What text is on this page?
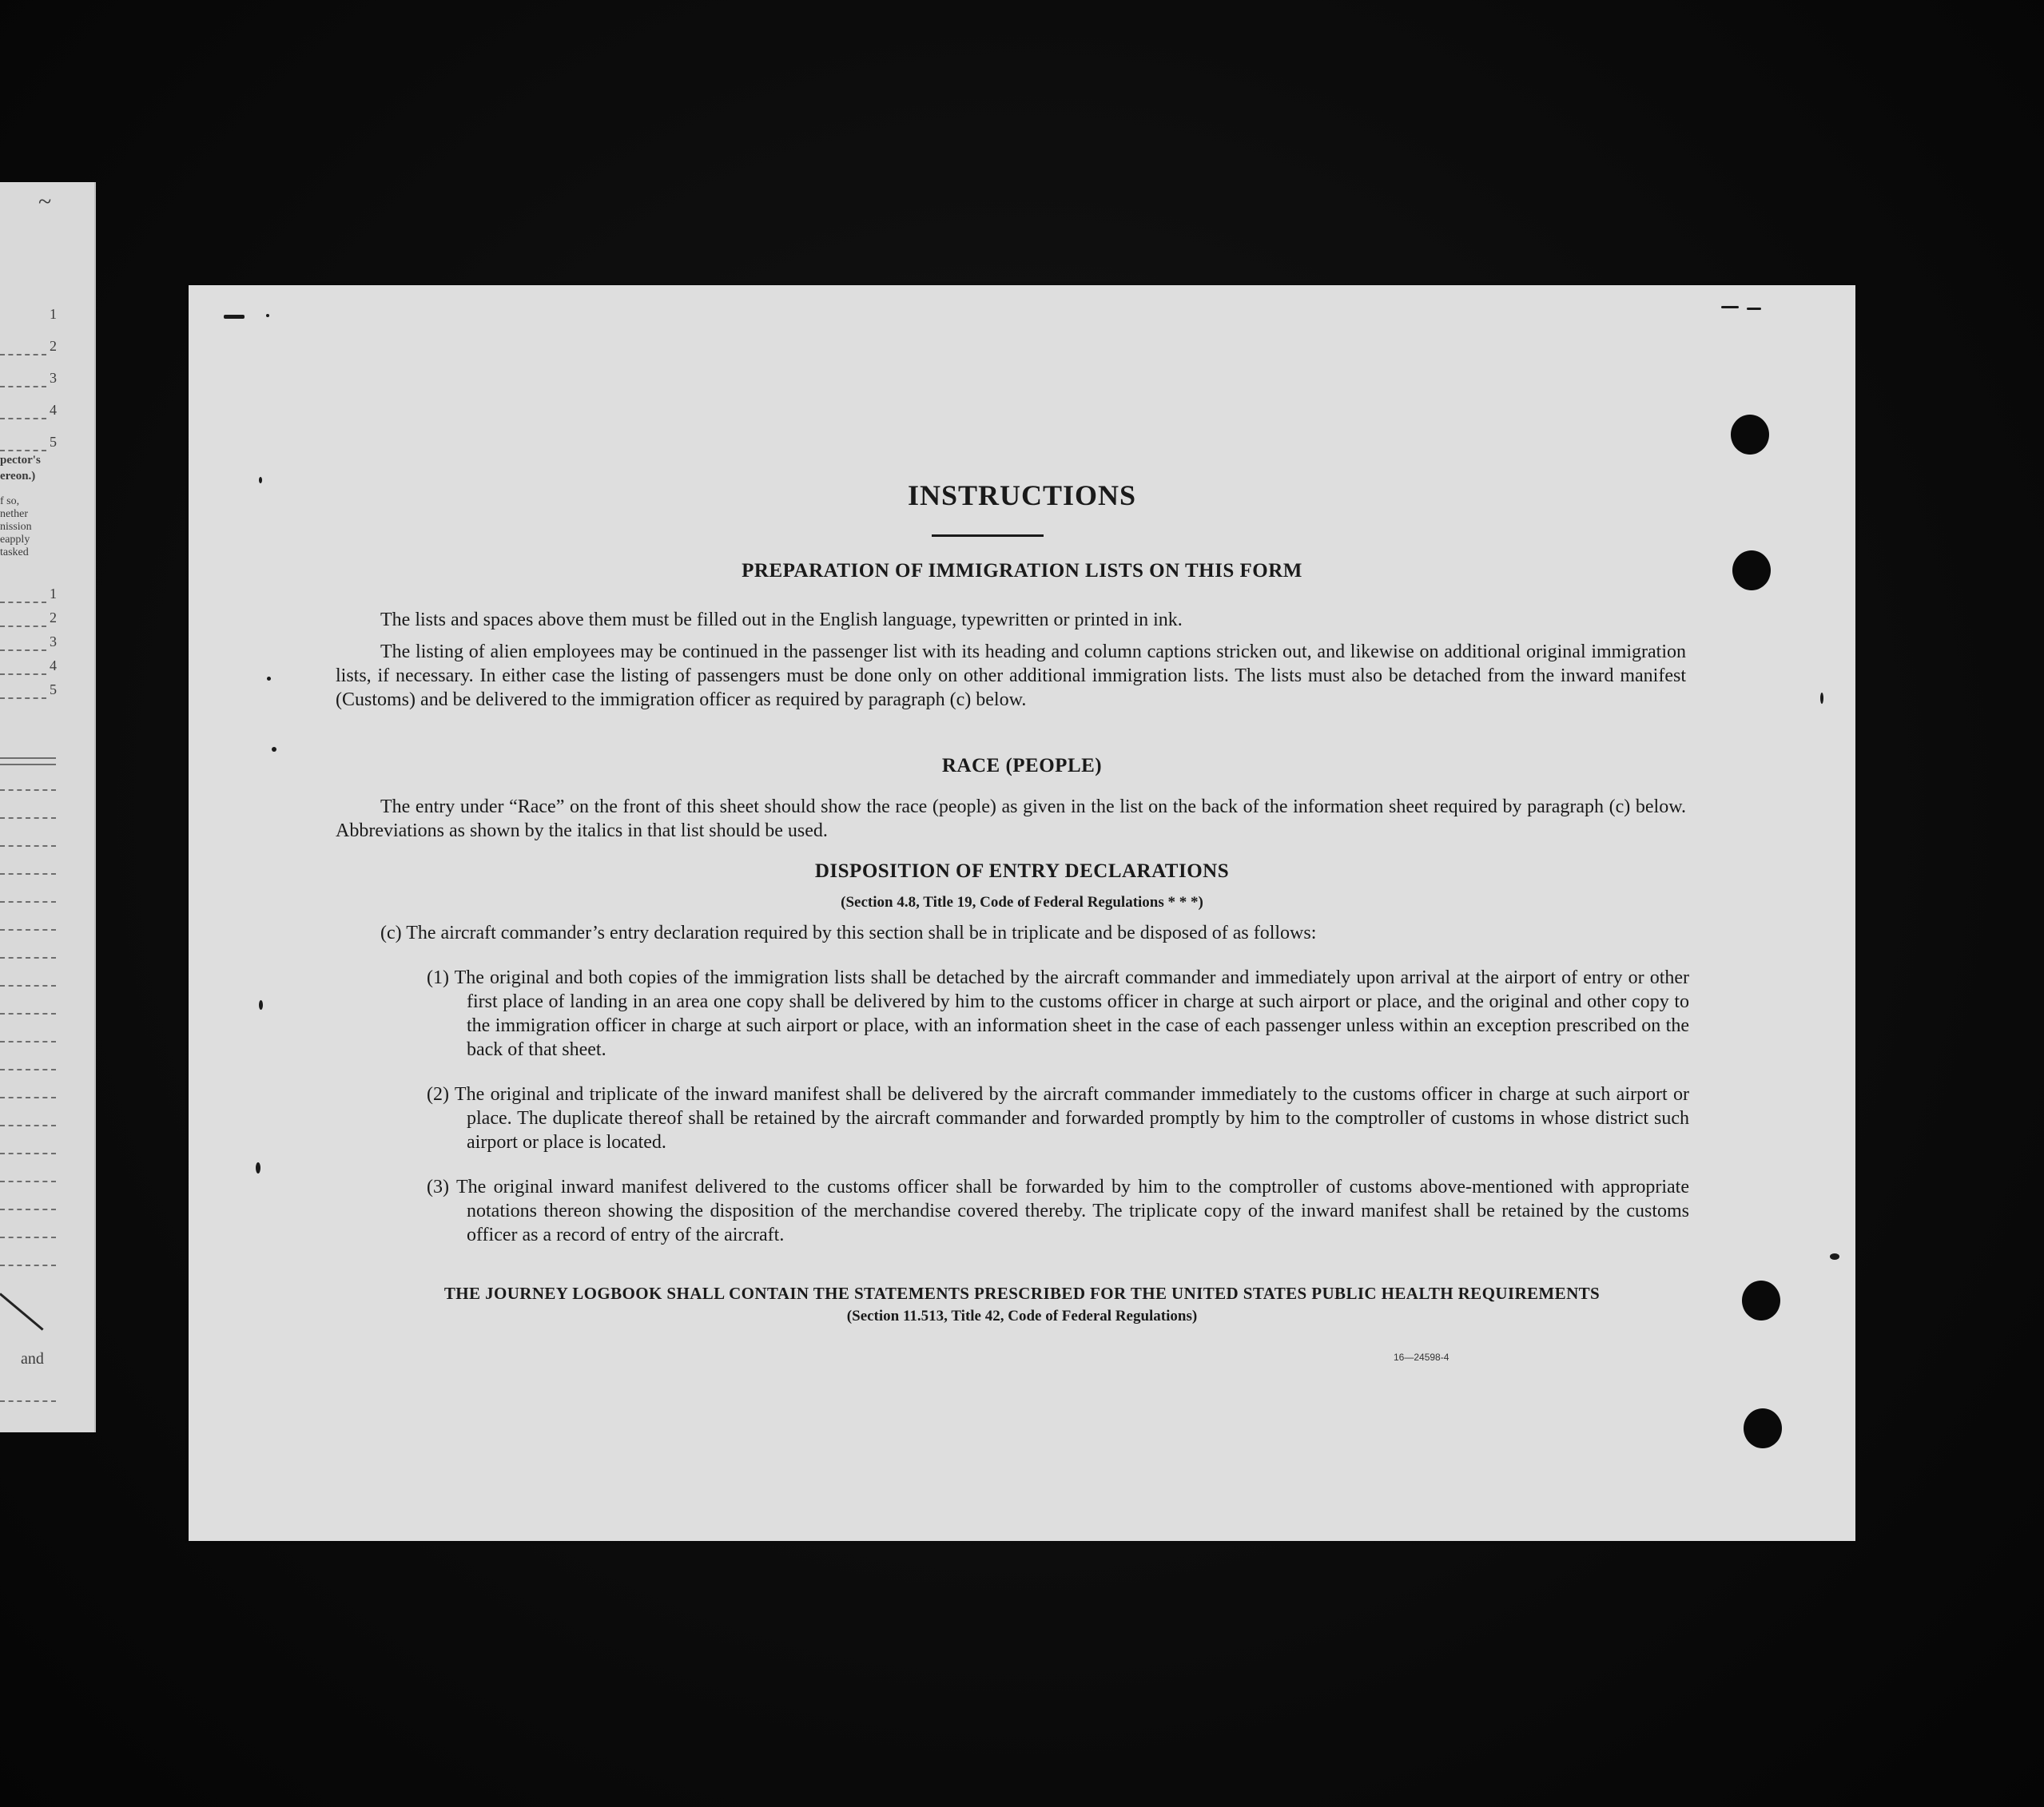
~
1
2
3
4
5
pector's
ereon.)
f so,
nether
nission
eapply
tasked
1
2
3
4
5
and
INSTRUCTIONS
PREPARATION OF IMMIGRATION LISTS ON THIS FORM

The lists and spaces above them must be filled out in the English language, typewritten or printed in ink.

The listing of alien employees may be continued in the passenger list with its heading and column captions stricken out, and likewise on additional original immigration lists, if necessary. In either case the listing of passengers must be done only on other additional immigration lists. The lists must also be detached from the inward manifest (Customs) and be delivered to the immigration officer as required by paragraph (c) below.

RACE (PEOPLE)

The entry under “Race” on the front of this sheet should show the race (people) as given in the list on the back of the information sheet required by paragraph (c) below. Abbreviations as shown by the italics in that list should be used.

DISPOSITION OF ENTRY DECLARATIONS
(Section 4.8, Title 19, Code of Federal Regulations * * *)

(c) The aircraft commander’s entry declaration required by this section shall be in triplicate and be disposed of as follows:

(1) The original and both copies of the immigration lists shall be detached by the aircraft commander and immediately upon arrival at the airport of entry or other first place of landing in an area one copy shall be delivered by him to the customs officer in charge at such airport or place, and the original and other copy to the immigration officer in charge at such airport or place, with an information sheet in the case of each passenger unless within an exception prescribed on the back of that sheet.

(2) The original and triplicate of the inward manifest shall be delivered by the aircraft commander immediately to the customs officer in charge at such airport or place. The duplicate thereof shall be retained by the aircraft commander and forwarded promptly by him to the comptroller of customs in whose district such airport or place is located.

(3) The original inward manifest delivered to the customs officer shall be forwarded by him to the comptroller of customs above-mentioned with appropriate notations thereon showing the disposition of the merchandise covered thereby. The triplicate copy of the inward manifest shall be retained by the customs officer as a record of entry of the aircraft.

THE JOURNEY LOGBOOK SHALL CONTAIN THE STATEMENTS PRESCRIBED FOR THE UNITED STATES PUBLIC HEALTH REQUIREMENTS
(Section 11.513, Title 42, Code of Federal Regulations)
16—24598-4
